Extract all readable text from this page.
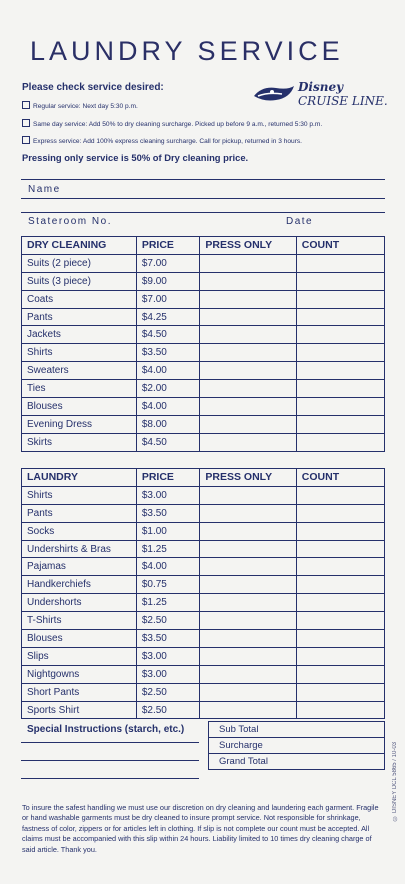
LAUNDRY SERVICE
Please check service desired:	Disney
CRUISE LINE.
Regular service: Next day 5:30 p.m.
Same day service: Add 50% to dry cleaning surcharge. Picked up before 9 a.m., returned 5:30 p.m.
Express service: Add 100% express cleaning surcharge. Call for pickup, returned in 3 hours.
Pressing only service is 50% of Dry cleaning price.
Name
Stateroom No.	Date
DRY CLEANING	PRICE	PRESS ONLY	COUNT
Suits (2 piece)	$7.00		
Suits (3 piece)	$9.00		
Coats	$7.00		
Pants	$4.25		
Jackets	$4.50		
Shirts	$3.50		
Sweaters	$4.00		
Ties	$2.00		
Blouses	$4.00		
Evening Dress	$8.00		
Skirts	$4.50		
LAUNDRY	PRICE	PRESS ONLY	COUNT
Shirts	$3.00		
Pants	$3.50		
Socks	$1.00		
Undershirts & Bras	$1.25		
Pajamas	$4.00		
Handkerchiefs	$0.75		
Undershorts	$1.25		
T-Shirts	$2.50		
Blouses	$3.50		
Slips	$3.00		
Nightgowns	$3.00		
Short Pants	$2.50		
Sports Shirt	$2.50		
Special Instructions (starch, etc.)	Sub Total
Surcharge
Grand Total	© DISNEY DCL 5865 / 10-03
To insure the safest handling we must use our discretion on dry cleaning and laundering each garment. Fragile or hand washable garments must be dry cleaned to insure prompt service. Not responsible for shrinkage, fastness of color, zippers or for articles left in clothing. If slip is not complete our count must be accepted. All claims must be accompanied with this slip within 24 hours. Liability limited to 10 times dry cleaning charge of said article. Thank you.
